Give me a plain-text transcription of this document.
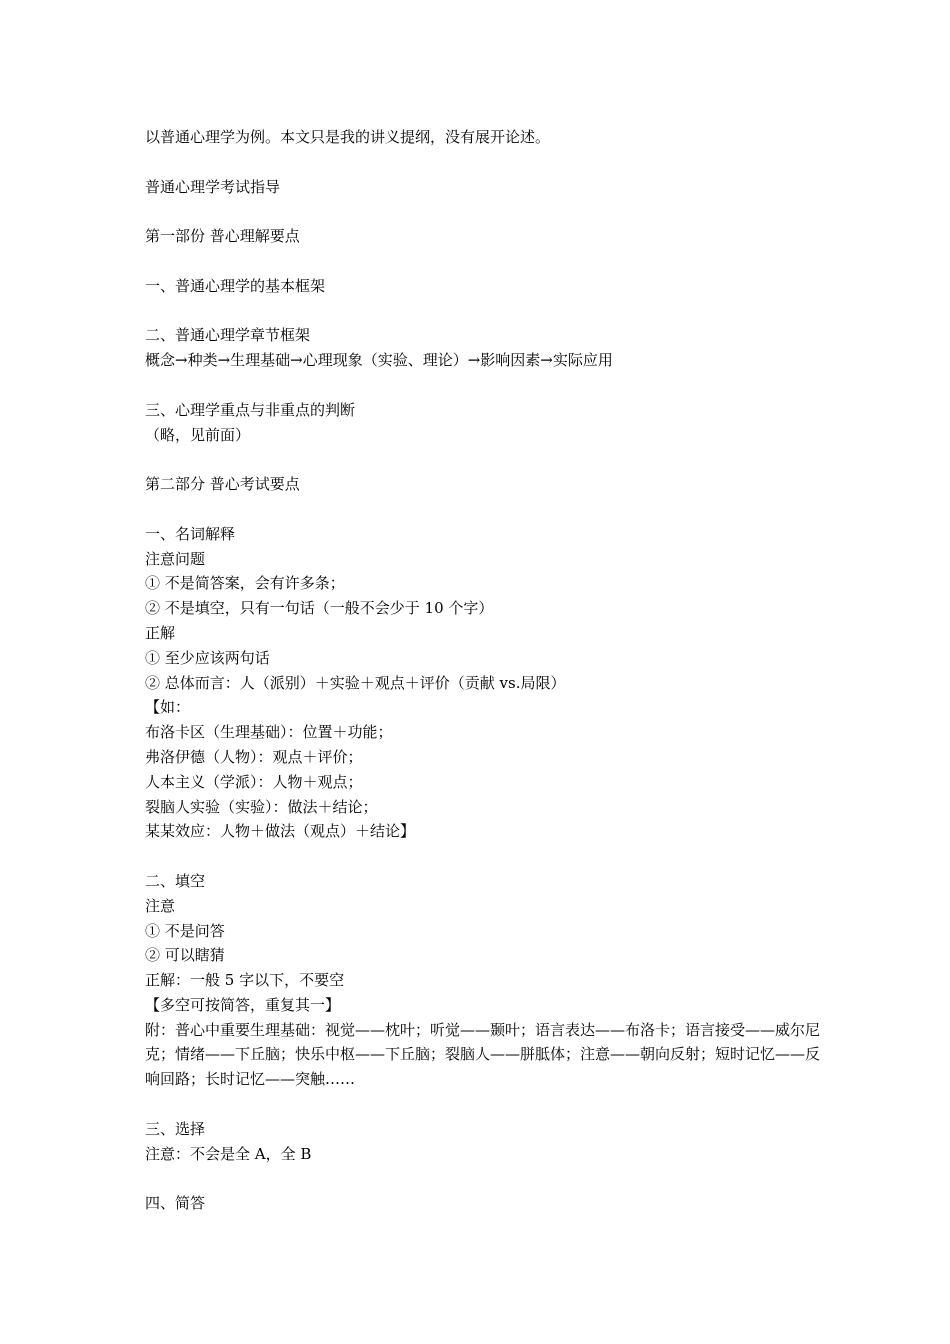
以普通心理学为例。本文只是我的讲义提纲，没有展开论述。
普通心理学考试指导
第一部份 普心理解要点
一、普通心理学的基本框架
二、普通心理学章节框架
概念→种类→生理基础→心理现象（实验、理论）→影响因素→实际应用
三、心理学重点与非重点的判断
（略，见前面）
第二部分 普心考试要点
一、名词解释
注意问题
① 不是简答案，会有许多条；
② 不是填空，只有一句话（一般不会少于 10 个字）
正解
① 至少应该两句话
② 总体而言：人（派别）＋实验＋观点＋评价（贡献 vs.局限）
【如：
布洛卡区（生理基础）：位置＋功能；
弗洛伊德（人物）：观点＋评价；
人本主义（学派）：人物＋观点；
裂脑人实验（实验）：做法＋结论；
某某效应：人物＋做法（观点）＋结论】
二、填空
注意
① 不是问答
② 可以瞎猜
正解：一般 5 字以下，不要空
【多空可按简答，重复其一】
附：普心中重要生理基础：视觉——枕叶；听觉——颞叶；语言表达——布洛卡；语言接受——威尔尼克；情绪——下丘脑；快乐中枢——下丘脑；裂脑人——胼胝体；注意——朝向反射；短时记忆——反响回路；长时记忆——突触……
三、选择
注意：不会是全 A，全 B
四、简答
